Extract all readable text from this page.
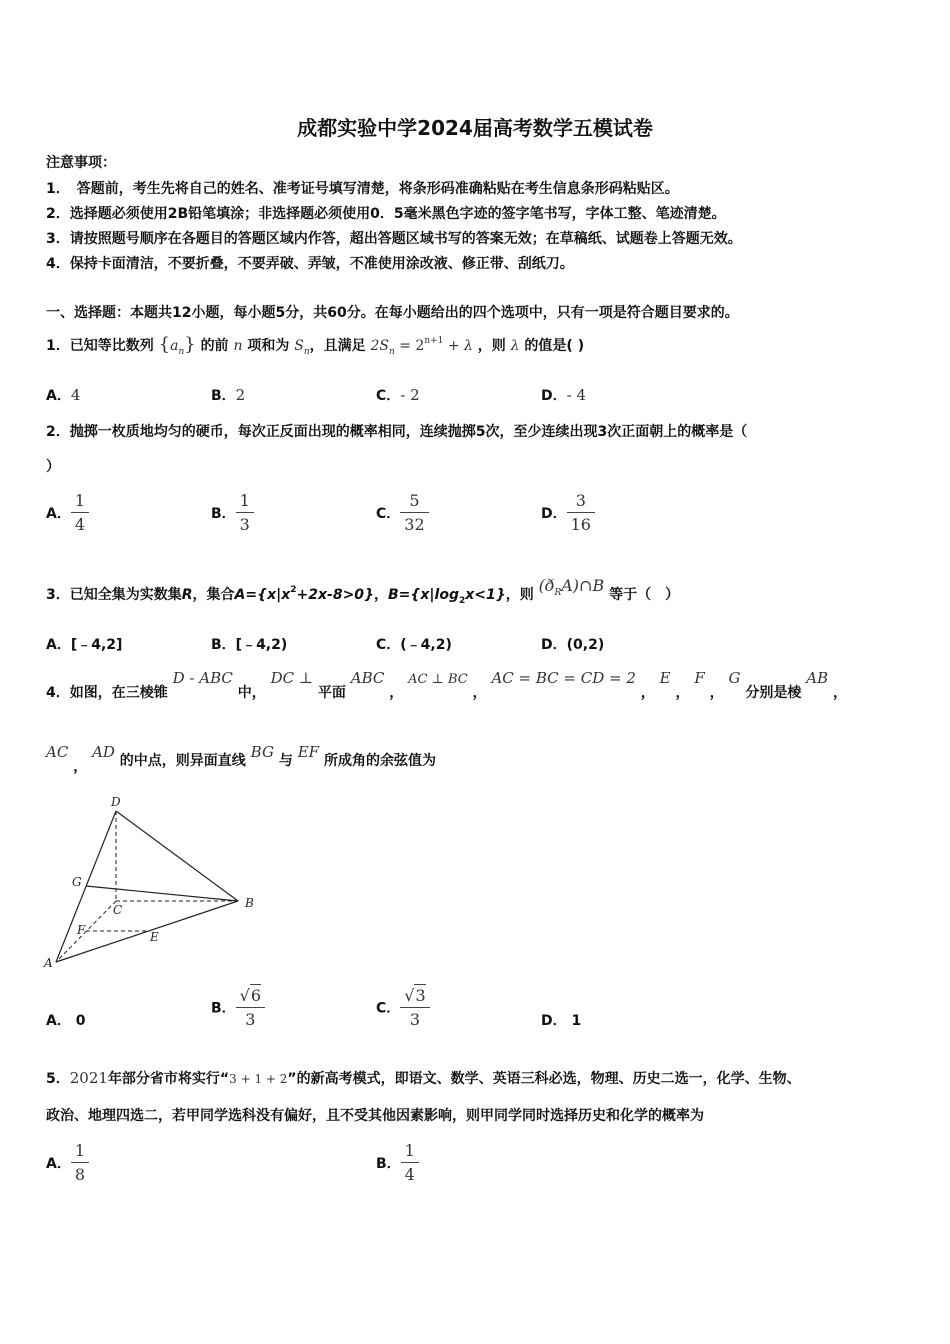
成都实验中学2024届高考数学五模试卷
注意事项：
1．　答题前，考生先将自己的姓名、准考证号填写清楚，将条形码准确粘贴在考生信息条形码粘贴区。
2．选择题必须使用2B铅笔填涂；非选择题必须使用0．5毫米黑色字迹的签字笔书写，字体工整、笔迹清楚。
3．请按照题号顺序在各题目的答题区域内作答，超出答题区域书写的答案无效；在草稿纸、试题卷上答题无效。
4．保持卡面清洁，不要折叠，不要弄破、弄皱，不准使用涂改液、修正带、刮纸刀。
一、选择题：本题共12小题，每小题5分，共60分。在每小题给出的四个选项中，只有一项是符合题目要求的。
1．已知等比数列 $\{a_n\}$ 的前 n 项和为 $S_n$，且满足 $2S_n = 2^{n+1} + \lambda$ ，则 λ 的值是( )
A．4	B．2	C．- 2	D．- 4
2．抛掷一枚质地均匀的硬币，每次正反面出现的概率相同，连续抛掷5次，至少连续出现3次正面朝上的概率是（
）
A． $\frac{1}{4}$	B． $\frac{1}{3}$	C． $\frac{5}{32}$	D． $\frac{3}{16}$
3．已知全集为实数集R，集合$A=\{x|x^2+2x-8>0\}$，$B=\{x|\log_2x<1\}$，则 $(ð_RA)\cap B$ 等于（　）
A．[﹣4,2]	B．[﹣4,2)	C．(﹣4,2)	D．(0,2)
4．如图，在三棱锥 D - ABC 中， DC ⊥ 平面 ABC ， AC ⊥ BC ， AC = BC = CD = 2 ， E ， F ， G 分别是棱 AB ，
AC ， AD 的中点，则异面直线 BG 与 EF 所成角的余弦值为
D
G
C	B
F	E
A
A． 0
B． $\frac{√6}{3}$	C． $\frac{√3}{3}$	D． 1
5．2021年部分省市将实行“3 + 1 + 2”的新高考模式，即语文、数学、英语三科必选，物理、历史二选一，化学、生物、
政治、地理四选二，若甲同学选科没有偏好，且不受其他因素影响，则甲同学同时选择历史和化学的概率为
A． $\frac{1}{8}$	B． $\frac{1}{4}$
